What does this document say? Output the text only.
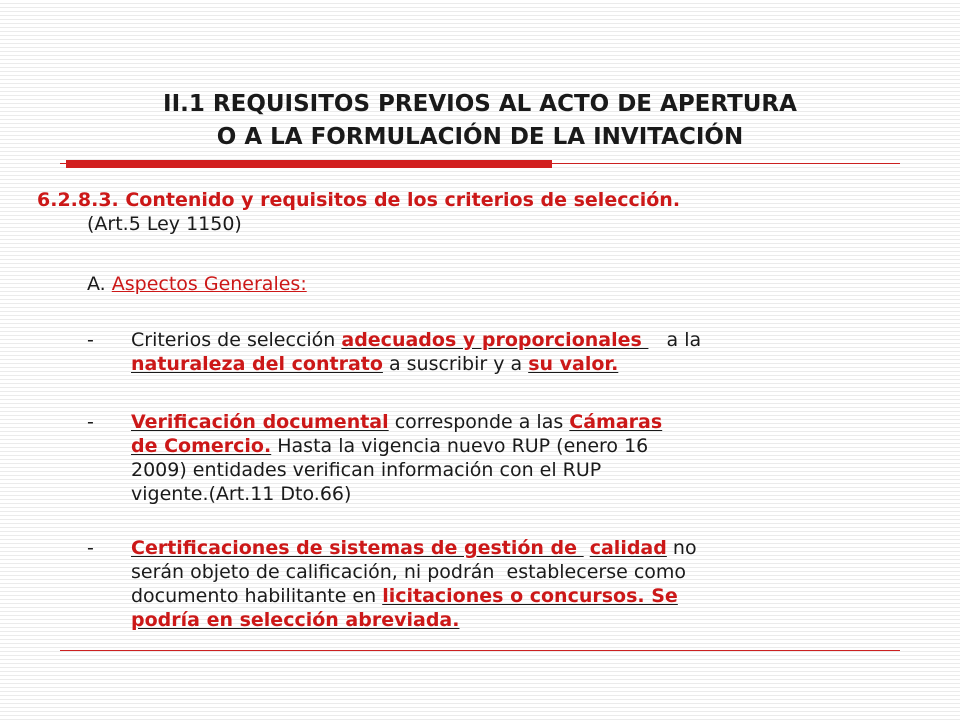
II.1 REQUISITOS PREVIOS AL ACTO DE APERTURA
O A LA FORMULACIÓN DE LA INVITACIÓN
6.2.8.3. Contenido y requisitos de los criterios de selección.
(Art.5 Ley 1150)
A. Aspectos Generales:
-	Criterios de selección adecuados y proporcionales    a la
naturaleza del contrato a suscribir y a su valor.
-	Verificación documental corresponde a las Cámaras
de Comercio. Hasta la vigencia nuevo RUP (enero 16
2009) entidades verifican información con el RUP
vigente.(Art.11 Dto.66)
-	Certificaciones de sistemas de gestión de  calidad no
serán objeto de calificación, ni podrán  establecerse como
documento habilitante en licitaciones o concursos. Se
podría en selección abreviada.
